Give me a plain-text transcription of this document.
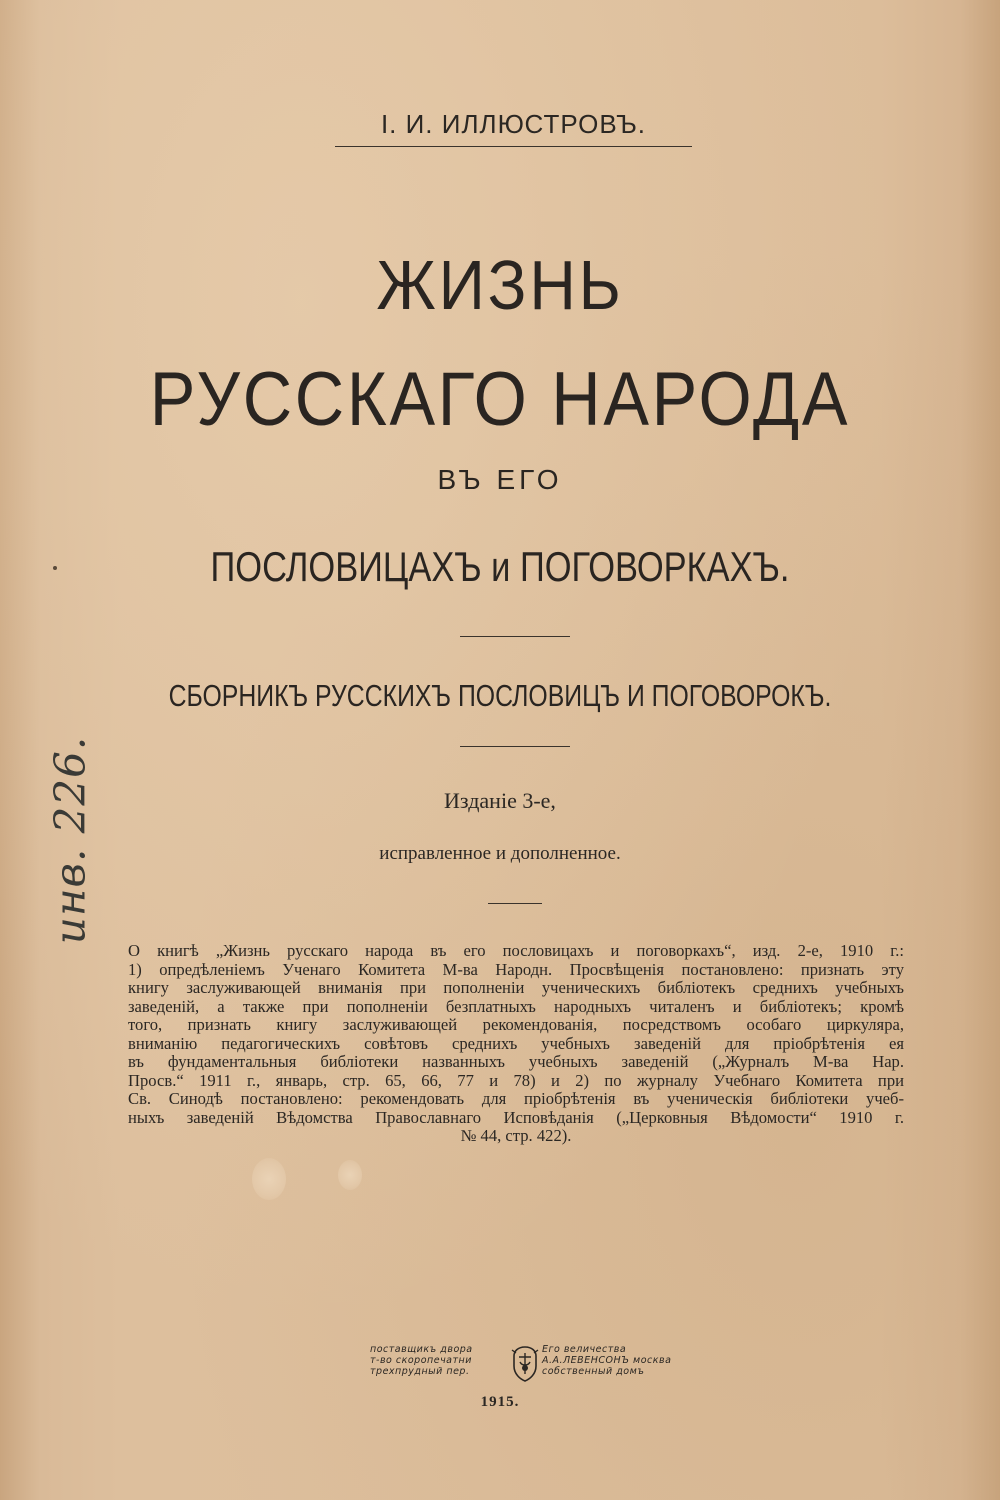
I. И. ИЛЛЮСТРОВЪ.
ЖИЗНЬ
РУССКАГО НАРОДА
ВЪ ЕГО
ПОСЛОВИЦАХЪ и ПОГОВОРКАХЪ.
СБОРНИКЪ РУССКИХЪ ПОСЛОВИЦЪ И ПОГОВОРОКЪ.
Изданie 3-e,
исправленное и дополненное.
О книгѣ „Жизнь русскаго народа въ его пословицахъ и поговоркахъ“, изд. 2-е, 1910 г.:
1) опредѣленiемъ Ученаго Комитета М-ва Народн. Просвѣщенiя постановлено: признать эту
книгу заслуживающей вниманiя при пополненiи ученическихъ библiотекъ среднихъ учебныхъ
заведенiй, а также при пополненiи безплатныхъ народныхъ читаленъ и библiотекъ; кромѣ
того, признать книгу заслуживающей рекомендованiя, посредствомъ особаго циркуляра,
вниманiю педагогическихъ совѣтовъ среднихъ учебныхъ заведенiй для прiобрѣтенiя ея
въ фундаментальныя библiотеки названныхъ учебныхъ заведенiй („Журналъ М-ва Нар.
Просв.“ 1911 г., январь, стр. 65, 66, 77 и 78) и 2) по журналу Учебнаго Комитета при
Св. Синодѣ постановлено: рекомендовать для прiобрѣтенiя въ ученическiя библiотеки учеб-
ныхъ заведенiй Вѣдомства Православнаго Исповѣданiя („Церковныя Вѣдомости“ 1910 г.
№ 44, стр. 422).
инв. 226.
поставщикъ двора
т-во скоропечатни
трехпрудный пер.
Его величества
А.А.ЛЕВЕНСОНЪ москва
собственный домъ
1915.
